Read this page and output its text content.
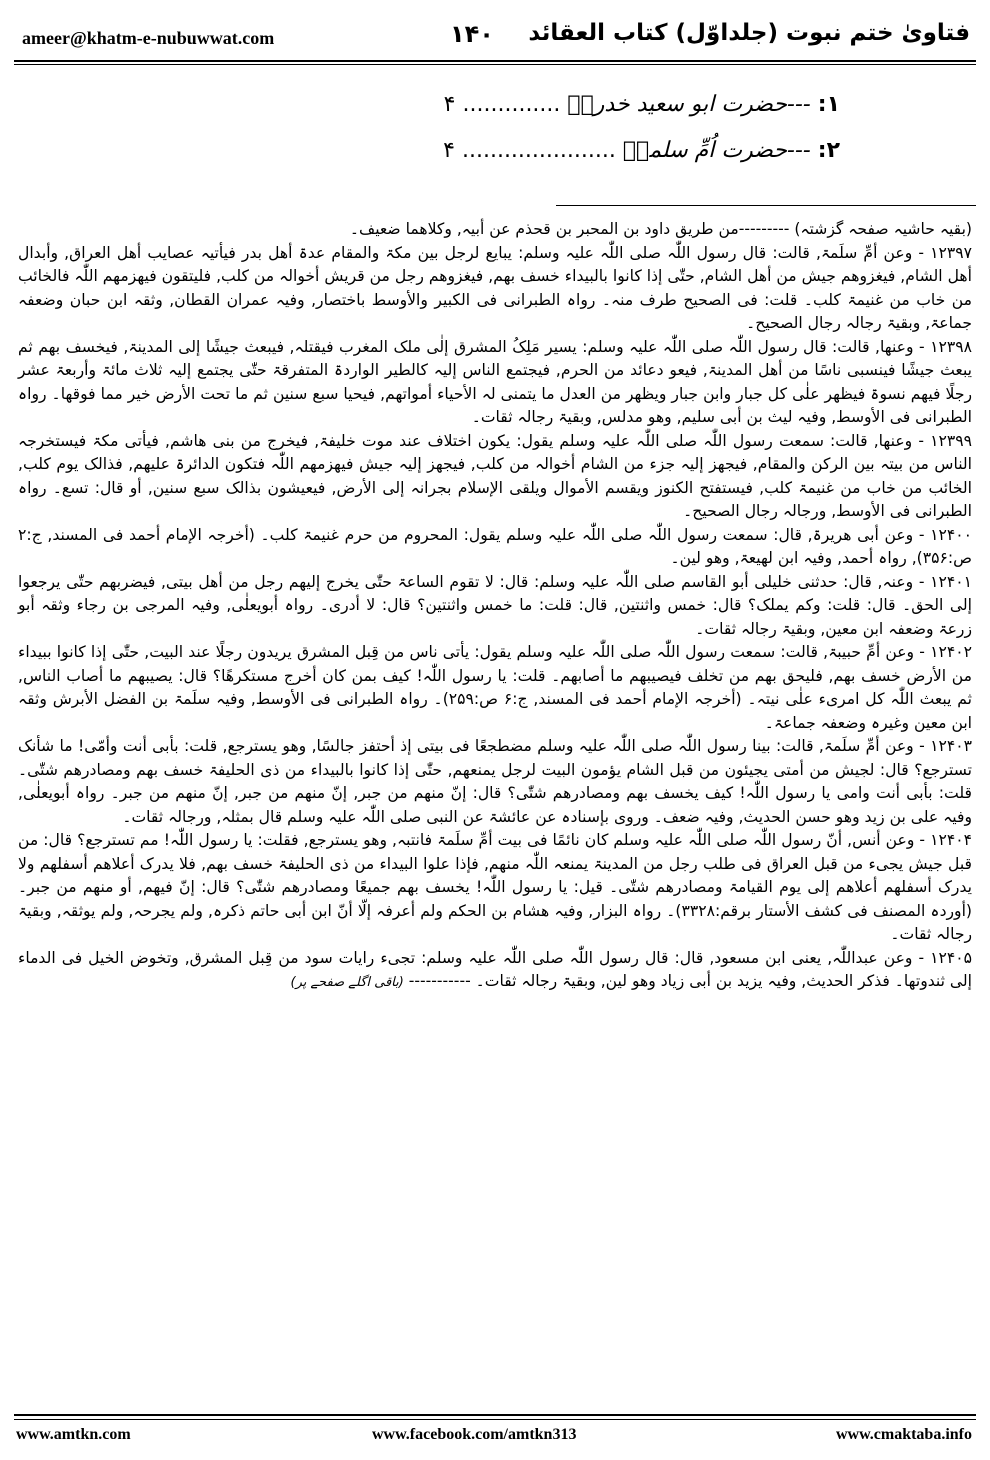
ameer@khatm-e-nubuwwat.com	۱۴۰ فتاویٰ ختم نبوت (جلداوّل) کتاب العقائد
۱: ---حضرت ابو سعید خدریؓ .............. ۴
۲: ---حضرت اُمِّ سلمہؓ ...................... ۴

(بقیہ حاشیہ صفحہ گزشتہ) ---------من طریق داود بن المحبر بن قحذم عن أبیہ, وکلاھما ضعیف۔

۱۲۳۹۷ - وعن أمِّ سلَمۃ, قالت: قال رسول اللّٰہ صلی اللّٰہ علیہ وسلم: یبایع لرجل بین مکۃ والمقام عدۃ أھل بدر فیأتیہ عصایب أھل العراق, وأبدال أھل الشام, فیغزوھم جیش من أھل الشام, حتّٰی إذا کانوا بالبیداء خسف بھم, فیغزوھم رجل من قریش أخوالہ من کلب, فلیتقون فیھزمھم اللّٰہ فالخائب من خاب من غنیمۃ کلب۔ قلت: فی الصحیح طرف منہ۔ رواہ الطبرانی فی الکبیر والأوسط باختصار, وفیہ عمران القطان, وثقہ ابن حبان وضعفہ جماعۃ, وبقیۃ رجالہ رجال الصحیح۔

۱۲۳۹۸ - وعنھا, قالت: قال رسول اللّٰہ صلی اللّٰہ علیہ وسلم: یسیر مَلِکُ المشرق إلٰی ملک المغرب فیقتلہ, فیبعث جیشًا إلی المدینۃ, فیخسف بھم ثم یبعث جیشًا فینسبی ناسًا من أھل المدینۃ, فیعو دعائد من الحرم, فیجتمع الناس إلیہ کالطیر الواردۃ المتفرقۃ حتّٰی یجتمع إلیہ ثلاث مائۃ وأربعۃ عشر رجلًا فیھم نسوۃ فیظھر علٰی کل جبار وابن جبار ویظھر من العدل ما یتمنی لہ الأحیاء أمواتھم, فیحیا سبع سنین ثم ما تحت الأرض خیر مما فوقھا۔ رواہ الطبرانی فی الأوسط, وفیہ لیث بن أبی سلیم, وھو مدلس, وبقیۃ رجالہ ثقات۔

۱۲۳۹۹ - وعنھا, قالت: سمعت رسول اللّٰہ صلی اللّٰہ علیہ وسلم یقول: یکون اختلاف عند موت خلیفۃ, فیخرج من بنی ھاشم, فیأتی مکۃ فیستخرجہ الناس من بیتہ بین الرکن والمقام, فیجھز إلیہ جزء من الشام أخوالہ من کلب, فیجھز إلیہ جیش فیھزمھم اللّٰہ فتکون الدائرۃ علیھم, فذالک یوم کلب, الخائب من خاب من غنیمۃ کلب, فیستفتح الکنوز ویقسم الأموال ویلقی الإسلام بجرانہ إلی الأرض, فیعیشون بذالک سبع سنین, أو قال: تسع۔ رواہ الطبرانی فی الأوسط, ورجالہ رجال الصحیح۔

۱۲۴۰۰ - وعن أبی ھریرۃ, قال: سمعت رسول اللّٰہ صلی اللّٰہ علیہ وسلم یقول: المحروم من حرم غنیمۃ کلب۔ (أخرجہ الإمام أحمد فی المسند, ج:۲ ص:۳۵۶), رواہ أحمد, وفیہ ابن لھیعۃ, وھو لین۔

۱۲۴۰۱ - وعنہ, قال: حدثنی خلیلی أبو القاسم صلی اللّٰہ علیہ وسلم: قال: لا تقوم الساعۃ حتّٰی یخرج إلیھم رجل من أھل بیتی, فیضربھم حتّٰی یرجعوا إلی الحق۔ قال: قلت: وکم یملک؟ قال: خمس واثنتین, قال: قلت: ما خمس واثنتین؟ قال: لا أدری۔ رواہ أبویعلٰی, وفیہ المرجی بن رجاء وثقہ أبو زرعۃ وضعفہ ابن معین, وبقیۃ رجالہ ثقات۔

۱۲۴۰۲ - وعن أمِّ حبیبۃ, قالت: سمعت رسول اللّٰہ صلی اللّٰہ علیہ وسلم یقول: یأتی ناس من قِبل المشرق یریدون رجلًا عند البیت, حتّٰی إذا کانوا ببیداء من الأرض خسف بھم, فلیحق بھم من تخلف فیصیبھم ما أصابھم۔ قلت: یا رسول اللّٰہ! کیف بمن کان أخرج مستکرھًا؟ قال: یصیبھم ما أصاب الناس, ثم یبعث اللّٰہ کل امریء علٰی نیتہ۔ (أخرجہ الإمام أحمد فی المسند, ج:۶ ص:۲۵۹)۔ رواہ الطبرانی فی الأوسط, وفیہ سلَمۃ بن الفضل الأبرش وثقہ ابن معین وغیرہ وضعفہ جماعۃ۔

۱۲۴۰۳ - وعن أمِّ سلَمۃ, قالت: بینا رسول اللّٰہ صلی اللّٰہ علیہ وسلم مضطجعًا فی بیتی إذ أحتفز جالسًا, وھو یسترجع, قلت: بأبی أنت وأمّی! ما شأنک تسترجع؟ قال: لجیش من أمتی یجیئون من قبل الشام یؤمون البیت لرجل یمنعھم, حتّٰی إذا کانوا بالبیداء من ذی الحلیفۃ خسف بھم ومصادرھم شتّٰی۔ قلت: بأبی أنت وامی یا رسول اللّٰہ! کیف یخسف بھم ومصادرھم شتّٰی؟ قال: إنّ منھم من جبر, إنّ منھم من جبر, إنّ منھم من جبر۔ رواہ أبویعلٰی, وفیہ علی بن زید وھو حسن الحدیث, وفیہ ضعف۔ وروی بإسنادہ عن عائشۃ عن النبی صلی اللّٰہ علیہ وسلم قال بمثلہ, ورجالہ ثقات۔

۱۲۴۰۴ - وعن أنس, أنّ رسول اللّٰہ صلی اللّٰہ علیہ وسلم کان نائمًا فی بیت أمِّ سلَمۃ فانتبہ, وھو یسترجع, فقلت: یا رسول اللّٰہ! مم تسترجع؟ قال: من قبل جیش یجیء من قبل العراق فی طلب رجل من المدینۃ یمنعہ اللّٰہ منھم, فإذا علوا البیداء من ذی الحلیفۃ خسف بھم, فلا یدرک أعلاھم أسفلھم ولا یدرک أسفلھم أعلاھم إلی یوم القیامۃ ومصادرھم شتّٰی۔ قیل: یا رسول اللّٰہ! یخسف بھم جمیعًا ومصادرھم شتّٰی؟ قال: إنّ فیھم, أو منھم من جبر۔ (أوردہ المصنف فی کشف الأستار برقم:۳۳۲۸)۔ رواہ البزار, وفیہ ھشام بن الحکم ولم أعرفہ إلّا أنّ ابن أبی حاتم ذکرہ, ولم یجرحہ, ولم یوثقہ, وبقیۃ رجالہ ثقات۔

۱۲۴۰۵ - وعن عبداللّٰہ, یعنی ابن مسعود, قال: قال رسول اللّٰہ صلی اللّٰہ علیہ وسلم: تجیء رایات سود من قِبل المشرق, وتخوض الخیل فی الدماء إلی ثندوتھا۔ فذکر الحدیث, وفیہ یزید بن أبی زیاد وھو لین, وبقیۃ رجالہ ثقات۔ ----------- (باقی اگلے صفحے پر)

www.amtkn.com	www.facebook.com/amtkn313	www.cmaktaba.info
